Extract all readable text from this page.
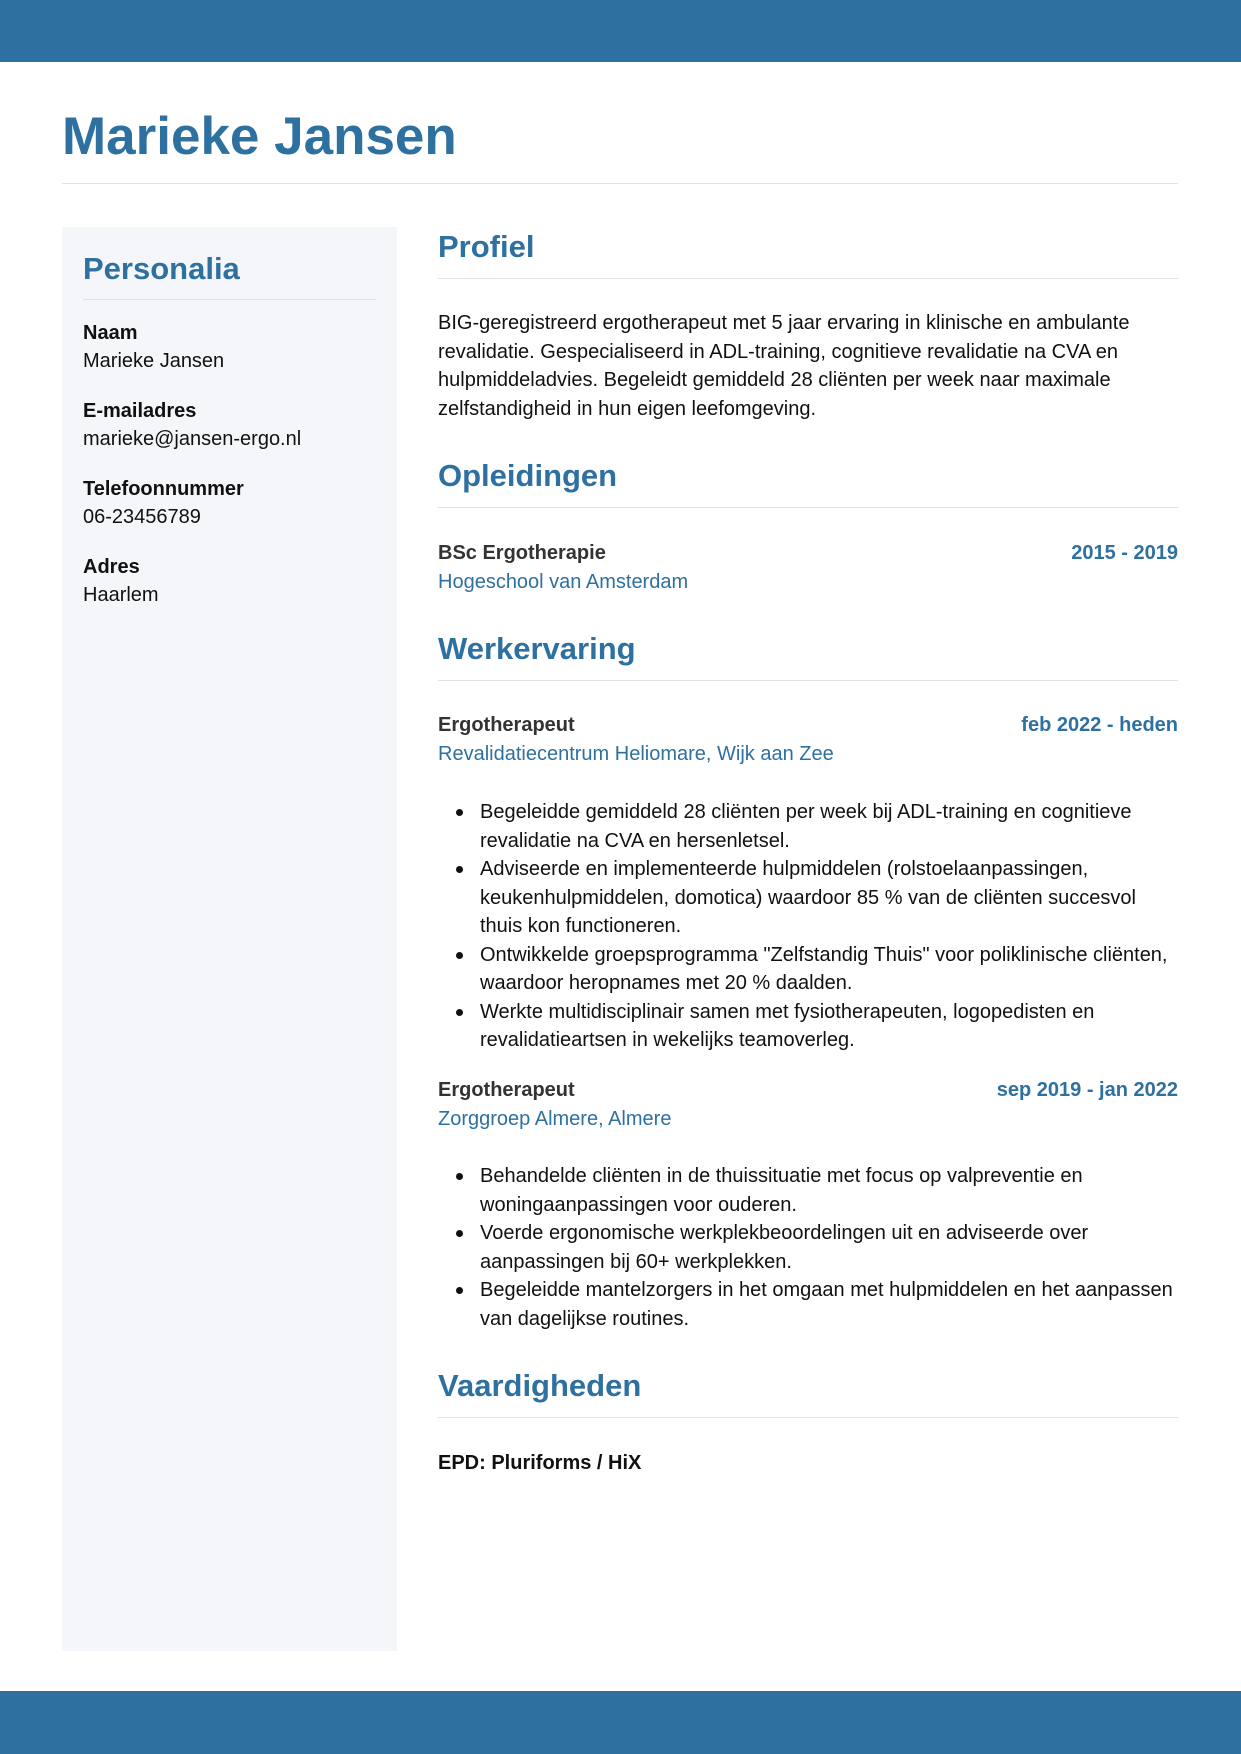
Marieke Jansen
Personalia
Naam
Marieke Jansen
E-mailadres
marieke@jansen-ergo.nl
Telefoonnummer
06-23456789
Adres
Haarlem
Profiel

BIG-geregistreerd ergotherapeut met 5 jaar ervaring in klinische en ambulante revalidatie. Gespecialiseerd in ADL-training, cognitieve revalidatie na CVA en hulpmiddeladvies. Begeleidt gemiddeld 28 cliënten per week naar maximale zelfstandigheid in hun eigen leefomgeving.

Opleidingen
BSc Ergotherapie	2015 - 2019
Hogeschool van Amsterdam
Werkervaring
Ergotherapeut	feb 2022 - heden
Revalidatiecentrum Heliomare, Wijk aan Zee
Begeleidde gemiddeld 28 cliënten per week bij ADL-training en cognitieve revalidatie na CVA en hersenletsel.
Adviseerde en implementeerde hulpmiddelen (rolstoelaanpassingen, keukenhulpmiddelen, domotica) waardoor 85 % van de cliënten succesvol thuis kon functioneren.
Ontwikkelde groepsprogramma "Zelfstandig Thuis" voor poliklinische cliënten, waardoor heropnames met 20 % daalden.
Werkte multidisciplinair samen met fysiotherapeuten, logopedisten en revalidatieartsen in wekelijks teamoverleg.
Ergotherapeut	sep 2019 - jan 2022
Zorggroep Almere, Almere
Behandelde cliënten in de thuissituatie met focus op valpreventie en woningaanpassingen voor ouderen.
Voerde ergonomische werkplekbeoordelingen uit en adviseerde over aanpassingen bij 60+ werkplekken.
Begeleidde mantelzorgers in het omgaan met hulpmiddelen en het aanpassen van dagelijkse routines.
Vaardigheden
EPD: Pluriforms / HiX
